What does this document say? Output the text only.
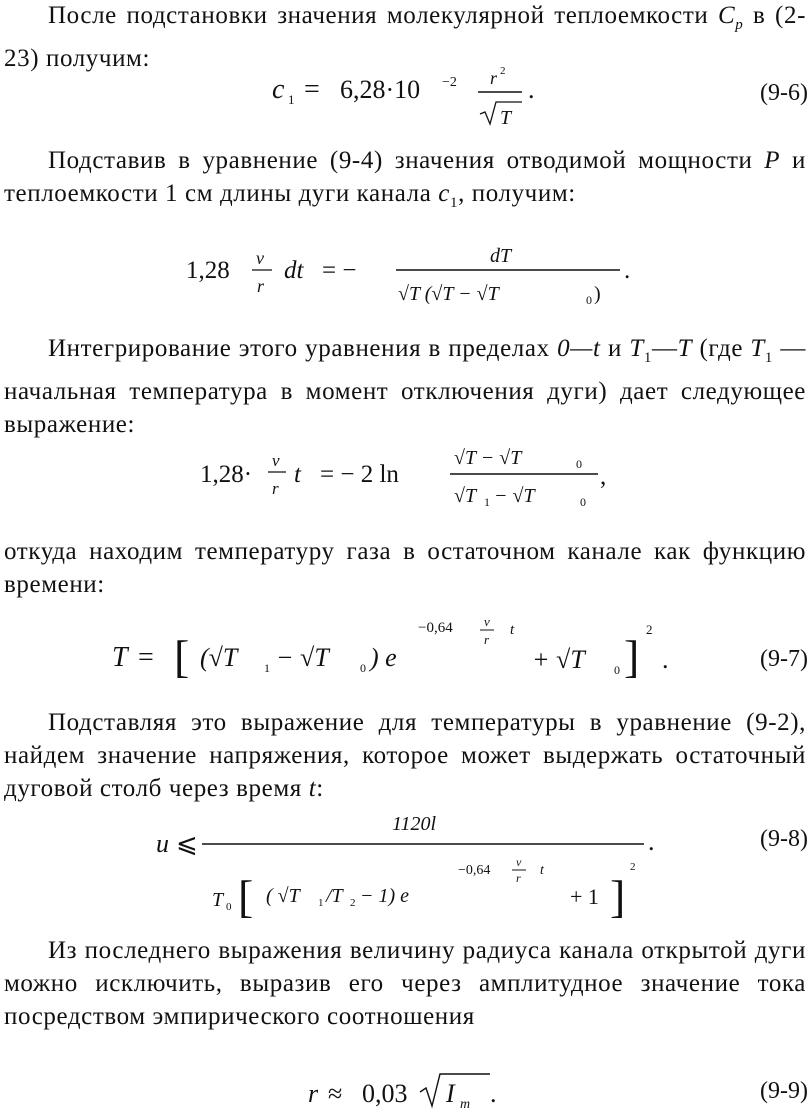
После подстановки значения молекулярной теплоемкости $C_p$ в (2-23) получим:

c 1 = 6,28·10 −2 r 2
T
.	(9-6)

Подставив в уравнение (9-4) значения отводимой мощности P и теплоемкости 1 см длины дуги канала $c_1$, получим:

1,28 v
r
dt = −
dT
√T (√T − √T	0 )
.

Интегрирование этого уравнения в пределах 0—t и $T_1—T$ (где $T_1$ — начальная температура в момент отключения дуги) дает следующее выражение:

1,28·
v
r
t = − 2 ln
√T − √T	0
√T 1 − √T	0
,

откуда находим температуру газа в остаточном канале как функцию времени:

T = [ (√T 1 − √T	0 ) e
−0,64 v
r
t
+ √T 0 ]
2
.	(9-7)

Подставляя это выражение для температуры в уравнение (9-2), найдем значение напряжения, которое может выдержать остаточный дуговой столб через время t:

u ⩽
1120l
T 0 [ ( √T 1 /T 2 − 1) e
−0,64
v
r t
+ 1 ]
2
.	(9-8)

Из последнего выражения величину радиуса канала открытой дуги можно исключить, выразив его через амплитудное значение тока посредством эмпирического соотношения

r ≈ 0,03 I m .	(9-9)
